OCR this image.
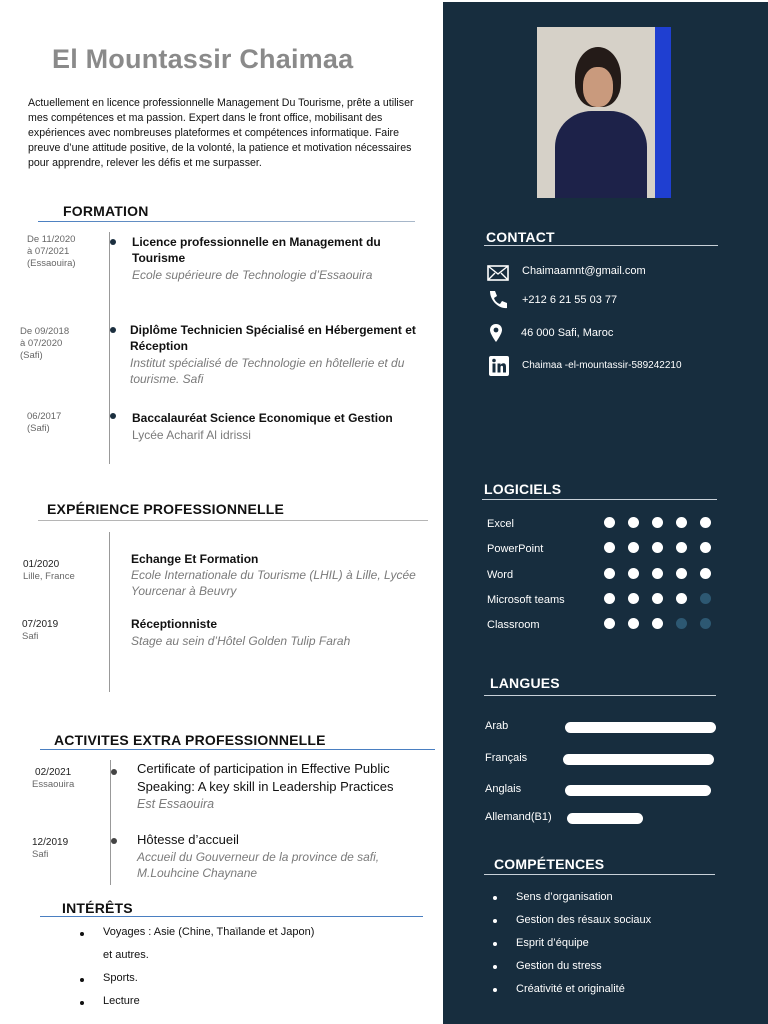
El Mountassir Chaimaa
Actuellement en licence professionnelle Management Du Tourisme, prête a utiliser mes compétences et ma passion. Expert dans le front office, mobilisant des expériences avec nombreuses plateformes et compétences informatique. Faire preuve d’une attitude positive, de la volonté, la patience et motivation nécessaires pour apprendre, relever les défis et me surpasser.
FORMATION
De 11/2020
à 07/2021
(Essaouira)
Licence professionnelle en Management du Tourisme
Ecole supérieure de Technologie d’Essaouira
De 09/2018
à 07/2020
(Safi)
Diplôme Technicien Spécialisé en Hébergement et Réception
Institut spécialisé de Technologie en hôtellerie et du tourisme. Safi
06/2017
(Safi)
Baccalauréat Science Economique et Gestion
Lycée Acharif Al idrissi
EXPÉRIENCE PROFESSIONNELLE
01/2020
Lille, France
Echange Et Formation
Ecole Internationale du Tourisme (LHIL) à Lille, Lycée Yourcenar à Beuvry
07/2019
Safi
Réceptionniste
Stage au sein d’Hôtel Golden Tulip Farah
ACTIVITES EXTRA PROFESSIONNELLE
02/2021
Essaouira
Certificate of participation in Effective Public Speaking: A key skill in Leadership Practices
Est Essaouira
12/2019
Safi
Hôtesse d’accueil
Accueil du Gouverneur de la province de safi, M.Louhcine Chaynane
INTÉRÊTS
Voyages : Asie (Chine, Thaïlande et Japon)
et autres.
Sports.
Lecture
CONTACT
Chaimaamnt@gmail.com
+212 6 21 55 03 77
46 000 Safi, Maroc
Chaimaa -el-mountassir-589242210
LOGICIELS
Excel
PowerPoint
Word
Microsoft teams
Classroom
LANGUES
Arab
Français
Anglais
Allemand(B1)
COMPÉTENCES
Sens d’organisation
Gestion des résaux sociaux
Esprit d’équipe
Gestion du stress
Créativité et originalité
